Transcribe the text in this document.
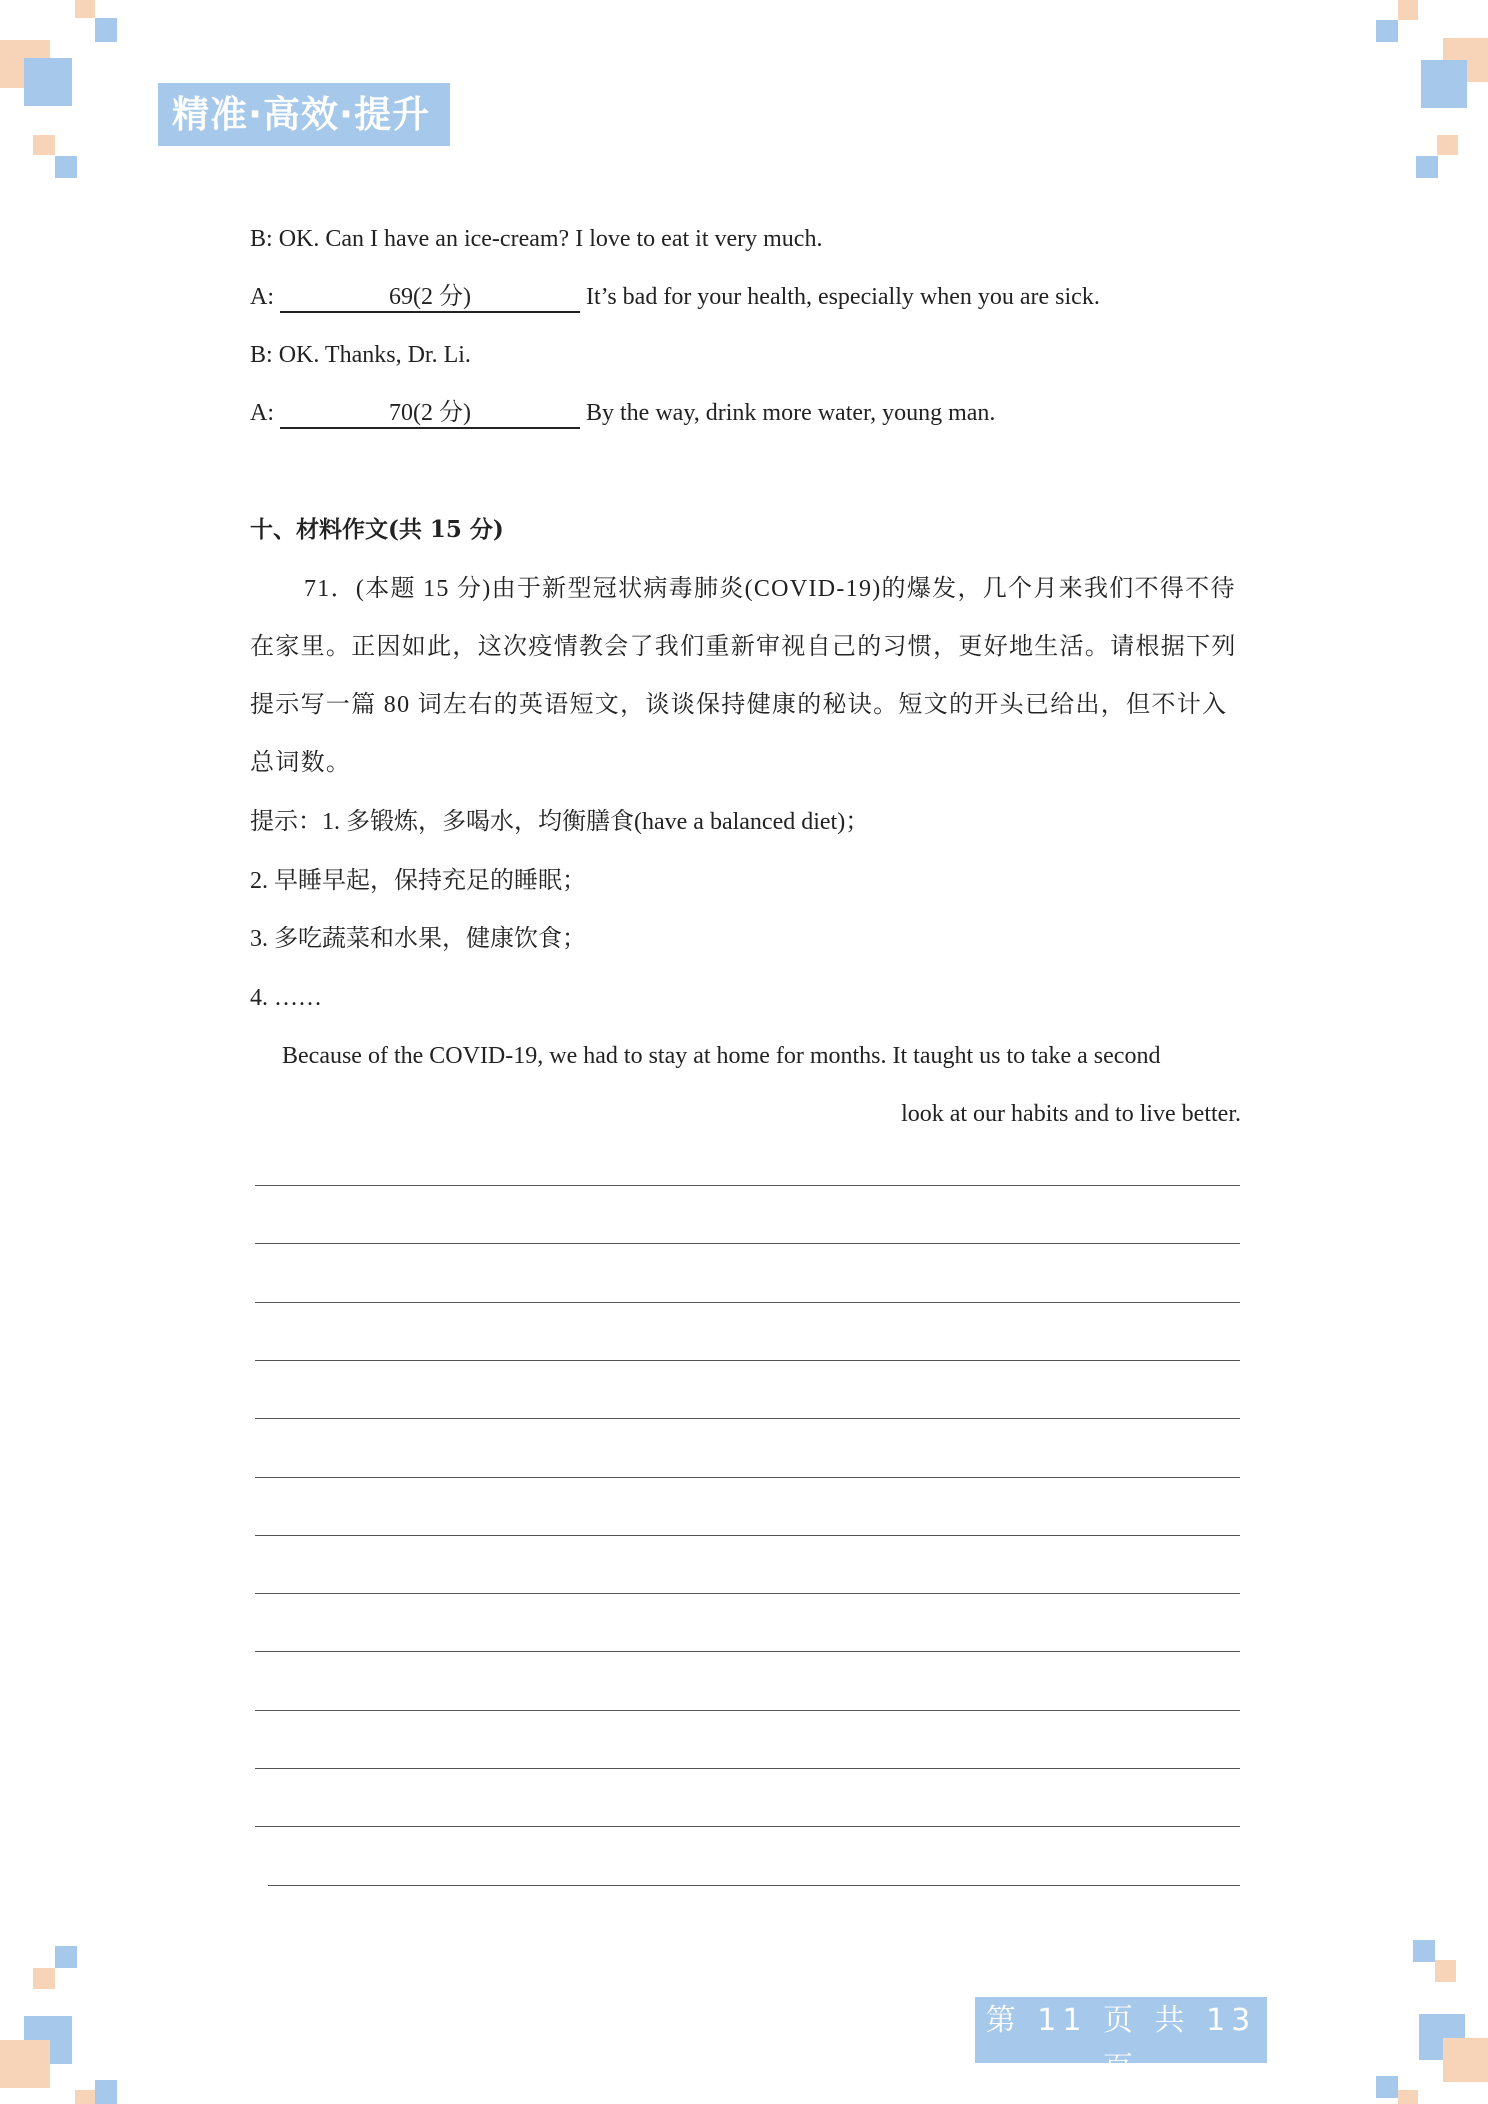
精准·高效·提升
B: OK. Can I have an ice-cream? I love to eat it very much.
A:	69(2 分)	It’s bad for your health, especially when you are sick.
B: OK. Thanks, Dr. Li.
A:	70(2 分)	By the way, drink more water, young man.
十、材料作文(共 15 分)
71．(本题 15 分)由于新型冠状病毒肺炎(COVID-19)的爆发，几个月来我们不得不待在家里。正因如此，这次疫情教会了我们重新审视自己的习惯，更好地生活。请根据下列提示写一篇 80 词左右的英语短文，谈谈保持健康的秘诀。短文的开头已给出，但不计入总词数。
提示：1. 多锻炼，多喝水，均衡膳食(have a balanced diet)；
2. 早睡早起，保持充足的睡眠；
3. 多吃蔬菜和水果，健康饮食；
4. ……
Because of the COVID-19, we had to stay at home for months. It taught us to take a second
look at our habits and to live better.
第 11 页 共 13 页
